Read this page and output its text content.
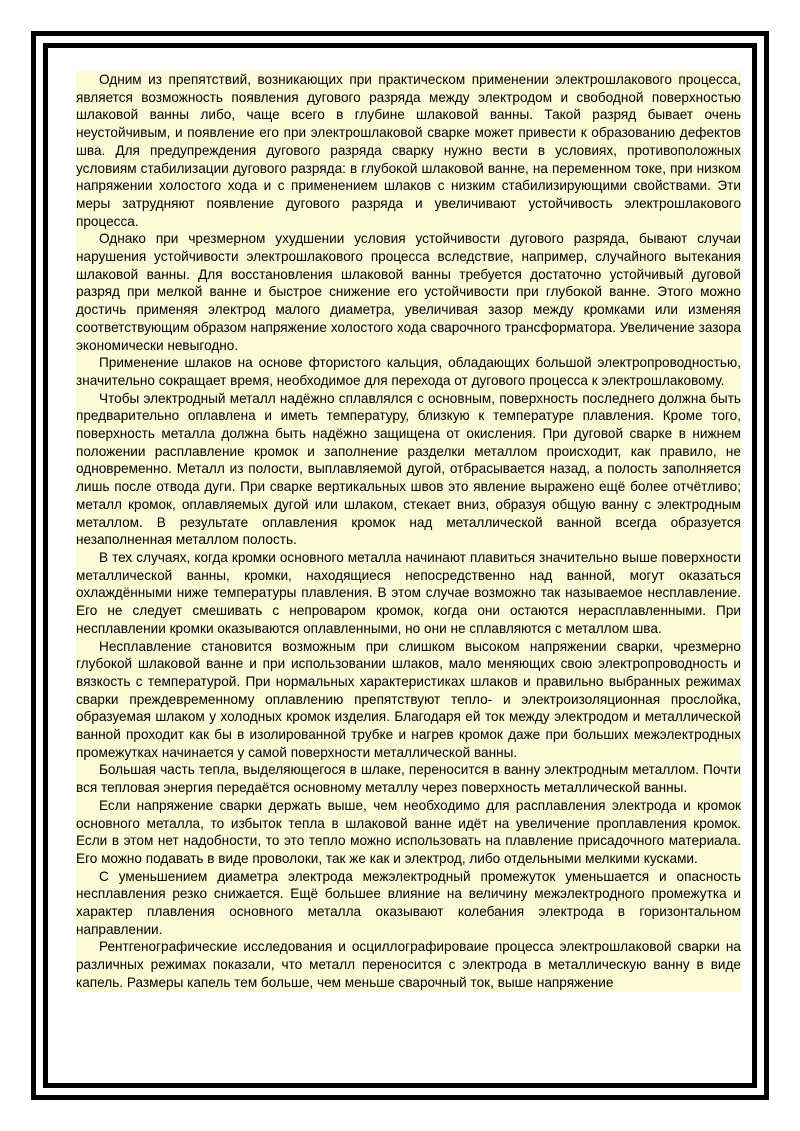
Одним из препятствий, возникающих при практическом применении электрошлакового процесса, является возможность появления дугового разряда между электродом и свободной поверхностью шлаковой ванны либо, чаще всего в глубине шлаковой ванны. Такой разряд бывает очень неустойчивым, и появление его при электрошлаковой сварке может привести к образованию дефектов шва. Для предупреждения дугового разряда сварку нужно вести в условиях, противоположных условиям стабилизации дугового разряда: в глубокой шлаковой ванне, на переменном токе, при низком напряжении холостого хода и с применением шлаков с низким стабилизирующими свойствами. Эти меры затрудняют появление дугового разряда и увеличивают устойчивость электрошлакового процесса.

Однако при чрезмерном ухудшении условия устойчивости дугового разряда, бывают случаи нарушения устойчивости электрошлакового процесса вследствие, например, случайного вытекания шлаковой ванны. Для восстановления шлаковой ванны требуется достаточно устойчивый дуговой разряд при мелкой ванне и быстрое снижение его устойчивости при глубокой ванне. Этого можно достичь применяя электрод малого диаметра, увеличивая зазор между кромками или изменяя соответствующим образом напряжение холостого хода сварочного трансформатора. Увеличение зазора экономически невыгодно.

Применение шлаков на основе фтористого кальция, обладающих большой электропроводностью, значительно сокращает время, необходимое для перехода от дугового процесса к электрошлаковому.

Чтобы электродный металл надёжно сплавлялся с основным, поверхность последнего должна быть предварительно оплавлена и иметь температуру, близкую к температуре плавления. Кроме того, поверхность металла должна быть надёжно защищена от окисления. При дуговой сварке в нижнем положении расплавление кромок и заполнение разделки металлом происходит, как правило, не одновременно. Металл из полости, выплавляемой дугой, отбрасывается назад, а полость заполняется лишь после отвода дуги. При сварке вертикальных швов это явление выражено ещё более отчётливо; металл кромок, оплавляемых дугой или шлаком, стекает вниз, образуя общую ванну с электродным металлом. В результате оплавления кромок над металлической ванной всегда образуется незаполненная металлом полость.

В тех случаях, когда кромки основного металла начинают плавиться значительно выше поверхности металлической ванны, кромки, находящиеся непосредственно над ванной, могут оказаться охлаждёнными ниже температуры плавления. В этом случае возможно так называемое несплавление. Его не следует смешивать с непроваром кромок, когда они остаются нерасплавленными. При несплавлении кромки оказываются оплавленными, но они не сплавляются с металлом шва.

Несплавление становится возможным при слишком высоком напряжении сварки, чрезмерно глубокой шлаковой ванне и при использовании шлаков, мало меняющих свою электропроводность и вязкость с температурой. При нормальных характеристиках шлаков и правильно выбранных режимах сварки преждевременному оплавлению препятствуют тепло- и электроизоляционная прослойка, образуемая шлаком у холодных кромок изделия. Благодаря ей ток между электродом и металлической ванной проходит как бы в изолированной трубке и нагрев кромок даже при больших межэлектродных промежутках начинается у самой поверхности металлической ванны.

Большая часть тепла, выделяющегося в шлаке, переносится в ванну электродным металлом. Почти вся тепловая энергия передаётся основному металлу через поверхность металлической ванны.

Если напряжение сварки держать выше, чем необходимо для расплавления электрода и кромок основного металла, то избыток тепла в шлаковой ванне идёт на увеличение проплавления кромок. Если в этом нет надобности, то это тепло можно использовать на плавление присадочного материала. Его можно подавать в виде проволоки, так же как и электрод, либо отдельными мелкими кусками.

С уменьшением диаметра электрода межэлектродный промежуток уменьшается и опасность несплавления резко снижается. Ещё большее влияние на величину межэлектродного промежутка и характер плавления основного металла оказывают колебания электрода в горизонтальном направлении.

Рентгенографические исследования и осциллографироваие процесса электрошлаковой сварки на различных режимах показали, что металл переносится с электрода в металлическую ванну в виде капель. Размеры капель тем больше, чем меньше сварочный ток, выше напряжение
